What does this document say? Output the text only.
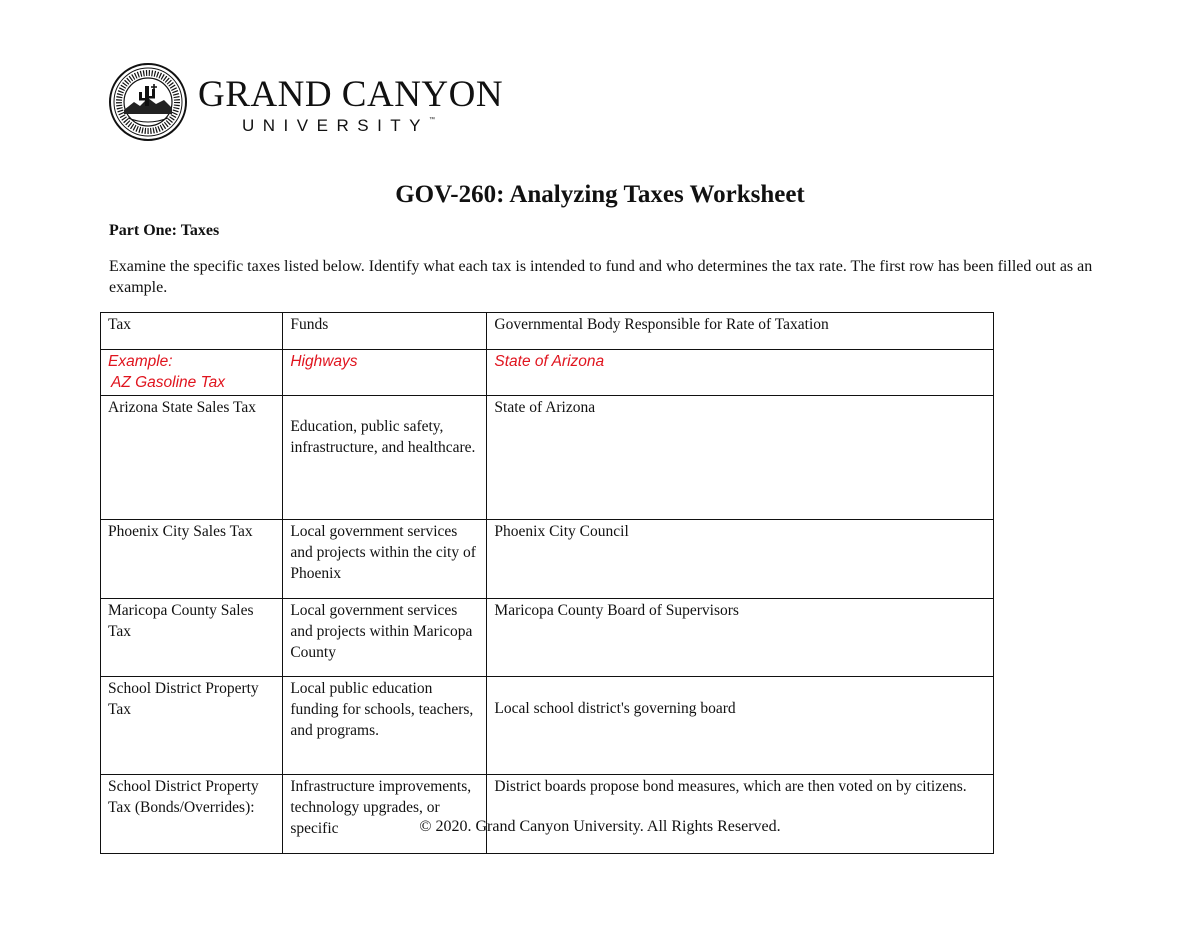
GRAND CANYON
UNIVERSITY™
GOV-260: Analyzing Taxes Worksheet
Part One: Taxes
Examine the specific taxes listed below. Identify what each tax is intended to fund and who determines the tax rate. The first row has been filled out as an example.
Tax	Funds	Governmental Body Responsible for Rate of Taxation

Example:
AZ Gasoline Tax	Highways	State of Arizona
Arizona State Sales Tax	Education, public safety, infrastructure, and healthcare.	State of Arizona
Phoenix City Sales Tax	Local government services and projects within the city of Phoenix	Phoenix City Council
Maricopa County Sales Tax	Local government services and projects within Maricopa County	Maricopa County Board of Supervisors
School District Property Tax	Local public education funding for schools, teachers, and programs.	Local school district's governing board
School District Property Tax (Bonds/Overrides):	Infrastructure improvements, technology upgrades, or specific	District boards propose bond measures, which are then voted on by citizens.
© 2020. Grand Canyon University. All Rights Reserved.
